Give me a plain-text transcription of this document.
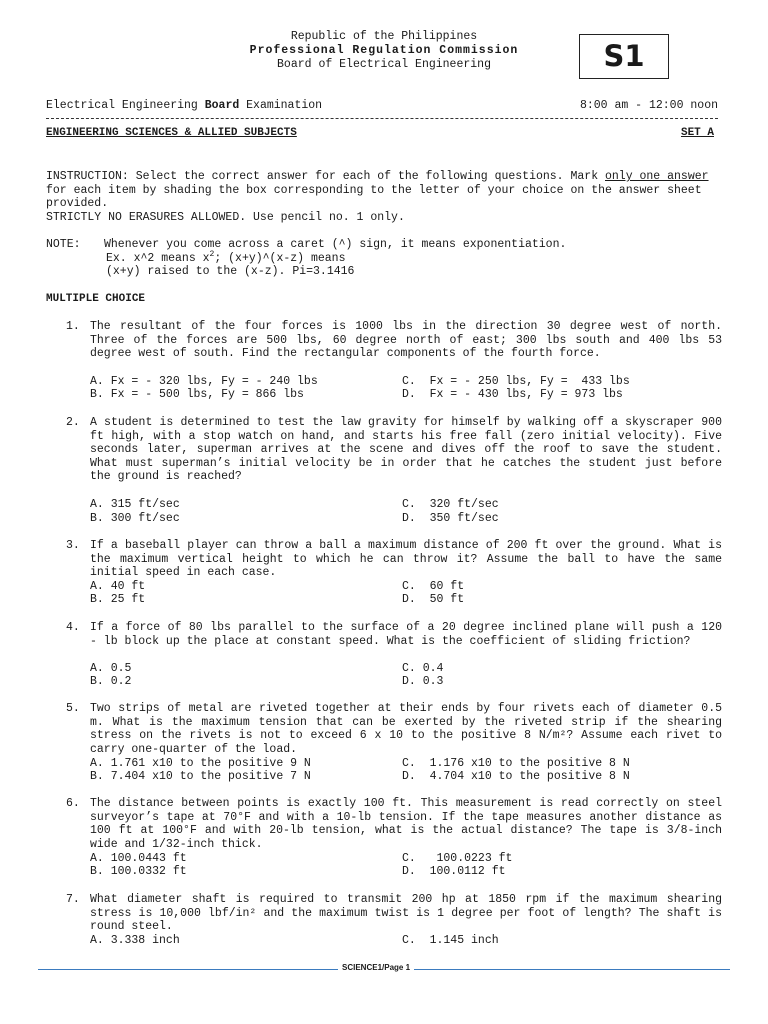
Republic of the Philippines
Professional Regulation Commission
Board of Electrical Engineering	S1
Electrical Engineering Board Examination	8:00 am - 12:00 noon
ENGINEERING SCIENCES & ALLIED SUBJECTS	SET A
INSTRUCTION: Select the correct answer for each of the following questions. Mark only one answer for each item by shading the box corresponding to the letter of your choice on the answer sheet provided.
STRICTLY NO ERASURES ALLOWED. Use pencil no. 1 only.
NOTE: Whenever you come across a caret (^) sign, it means exponentiation.
Ex. x^2 means $x^2$; (x+y)^(x-z) means
(x+y) raised to the (x-z). Pi=3.1416
MULTIPLE CHOICE
1. The resultant of the four forces is 1000 lbs in the direction 30 degree west of north. Three of the forces are 500 lbs, 60 degree north of east; 300 lbs south and 400 lbs 53 degree west of south. Find the rectangular components of the fourth force.
A. Fx = - 320 lbs, Fy = - 240 lbs	C.  Fx = - 250 lbs, Fy =  433 lbs
B. Fx = - 500 lbs, Fy = 866 lbs	D.  Fx = - 430 lbs, Fy = 973 lbs
2. A student is determined to test the law gravity for himself by walking off a skyscraper 900 ft high, with a stop watch on hand, and starts his free fall (zero initial velocity). Five seconds later, superman arrives at the scene and dives off the roof to save the student. What must superman’s initial velocity be in order that he catches the student just before the ground is reached?
A. 315 ft/sec	C.  320 ft/sec
B. 300 ft/sec	D.  350 ft/sec
3. If a baseball player can throw a ball a maximum distance of 200 ft over the ground. What is the maximum vertical height to which he can throw it? Assume the ball to have the same initial speed in each case.
A. 40 ft	C.  60 ft
B. 25 ft	D.  50 ft
4. If a force of 80 lbs parallel to the surface of a 20 degree inclined plane will push a 120 - lb block up the place at constant speed. What is the coefficient of sliding friction?
A. 0.5	C. 0.4
B. 0.2	D. 0.3
5. Two strips of metal are riveted together at their ends by four rivets each of diameter 0.5 m. What is the maximum tension that can be exerted by the riveted strip if the shearing stress on the rivets is not to exceed 6 x 10 to the positive 8 N/m²? Assume each rivet to carry one-quarter of the load.
A. 1.761 x10 to the positive 9 N	C.  1.176 x10 to the positive 8 N
B. 7.404 x10 to the positive 7 N	D.  4.704 x10 to the positive 8 N
6. The distance between points is exactly 100 ft. This measurement is read correctly on steel surveyor’s tape at 70°F and with a 10-lb tension. If the tape measures another distance as 100 ft at 100°F and with 20-lb tension, what is the actual distance? The tape is 3/8-inch wide and 1/32-inch thick.
A. 100.0443 ft	C.   100.0223 ft
B. 100.0332 ft	D.  100.0112 ft
7. What diameter shaft is required to transmit 200 hp at 1850 rpm if the maximum shearing stress is 10,000 lbf/in² and the maximum twist is 1 degree per foot of length? The shaft is round steel.
A. 3.338 inch	C.  1.145 inch
SCIENCE1/Page 1
